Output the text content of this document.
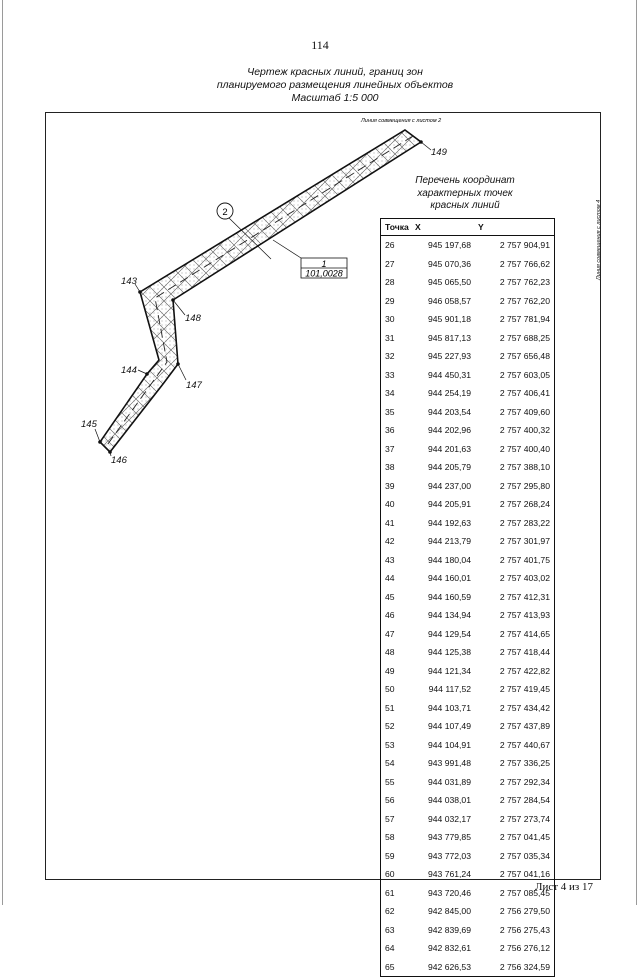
114
Чертеж красных линий, границ зон
планируемого размещения линейных объектов
Масштаб 1:5 000
Линия совмещения с листом 2
149
143
148
144
147
145
146
2
1
101,0028
Перечень координат
характерных точек
красных линий
Точка	X	Y
26	945 197,68	2 757 904,91
27	945 070,36	2 757 766,62
28	945 065,50	2 757 762,23
29	946 058,57	2 757 762,20
30	945 901,18	2 757 781,94
31	945 817,13	2 757 688,25
32	945 227,93	2 757 656,48
33	944 450,31	2 757 603,05
34	944 254,19	2 757 406,41
35	944 203,54	2 757 409,60
36	944 202,96	2 757 400,32
37	944 201,63	2 757 400,40
38	944 205,79	2 757 388,10
39	944 237,00	2 757 295,80
40	944 205,91	2 757 268,24
41	944 192,63	2 757 283,22
42	944 213,79	2 757 301,97
43	944 180,04	2 757 401,75
44	944 160,01	2 757 403,02
45	944 160,59	2 757 412,31
46	944 134,94	2 757 413,93
47	944 129,54	2 757 414,65
48	944 125,38	2 757 418,44
49	944 121,34	2 757 422,82
50	944 117,52	2 757 419,45
51	944 103,71	2 757 434,42
52	944 107,49	2 757 437,89
53	944 104,91	2 757 440,67
54	943 991,48	2 757 336,25
55	944 031,89	2 757 292,34
56	944 038,01	2 757 284,54
57	944 032,17	2 757 273,74
58	943 779,85	2 757 041,45
59	943 772,03	2 757 035,34
60	943 761,24	2 757 041,16
61	943 720,46	2 757 085,45
62	942 845,00	2 756 279,50
63	942 839,69	2 756 275,43
64	942 832,61	2 756 276,12
65	942 626,53	2 756 324,59
Линия совмещения с листом 4
Лист 4 из 17
